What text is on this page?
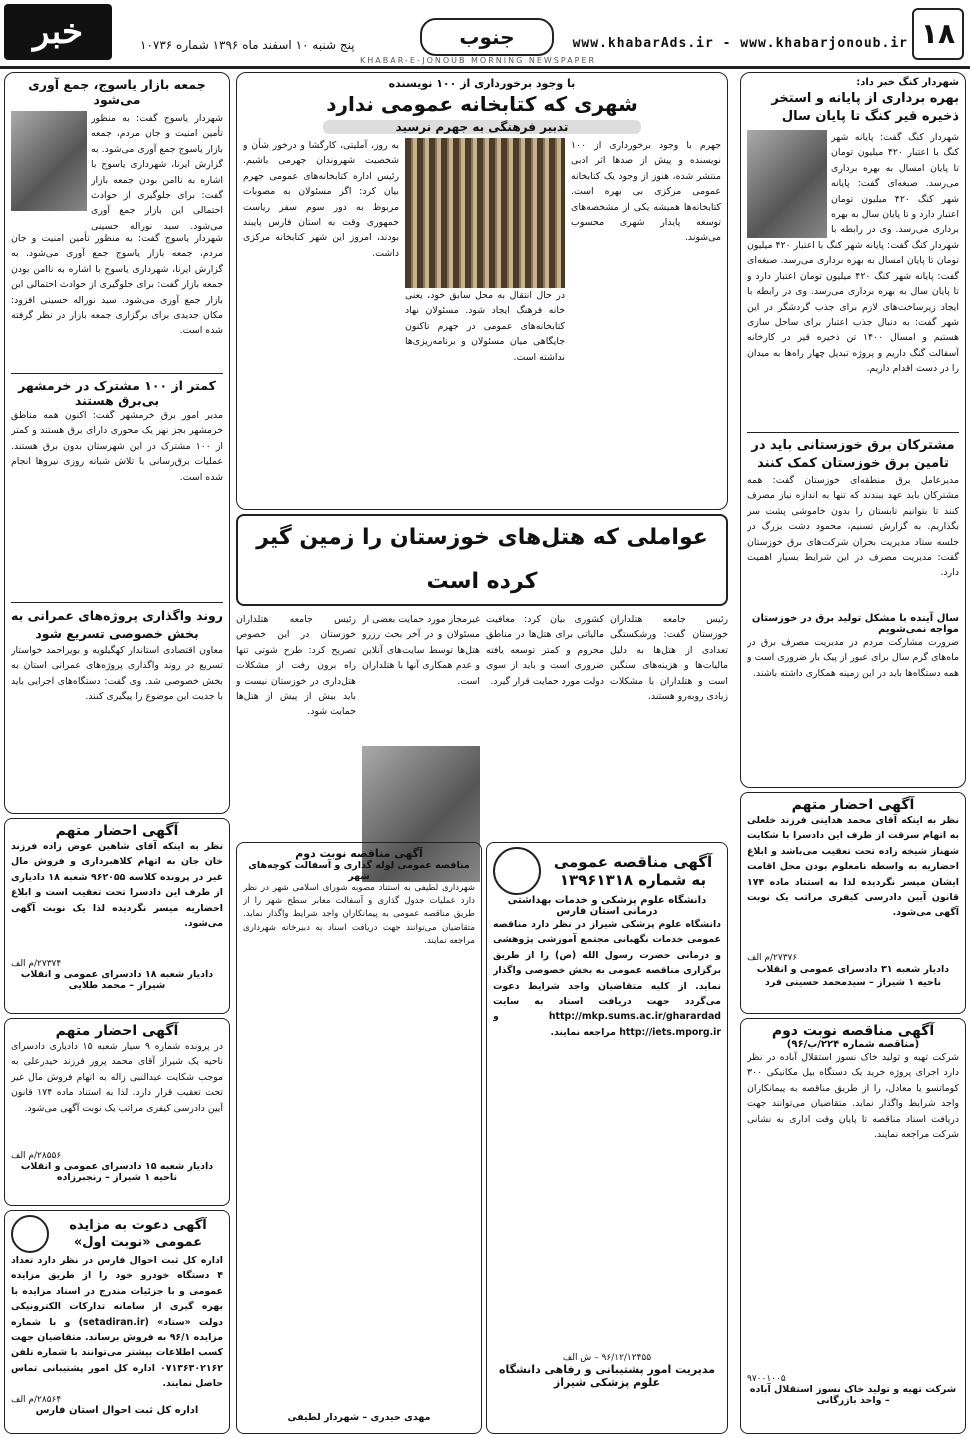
۱۸
www.khabarAds.ir - www.khabarjonoub.ir
جنوب
پنج شنبه ۱۰ اسفند ماه ۱۳۹۶ شماره ۱۰۷۳۶
خبر
KHABAR-E-JONOUB MORNING NEWSPAPER
شهردار کنگ خبر داد:
بهره برداری از پایانه و استخر ذخیره قیر کنگ تا پایان سال
شهردار کنگ گفت: پایانه شهر کنگ با اعتبار ۴۲۰ میلیون تومان تا پایان امسال به بهره برداری می‌رسد. صبغه‌ای گفت: پایانه شهر کنگ ۴۲۰ میلیون تومان اعتبار دارد و تا پایان سال به بهره برداری می‌رسد. وی در رابطه با
شهردار کنگ گفت: پایانه شهر کنگ با اعتبار ۴۲۰ میلیون تومان تا پایان امسال به بهره برداری می‌رسد. صبغه‌ای گفت: پایانه شهر کنگ ۴۲۰ میلیون تومان اعتبار دارد و تا پایان سال به بهره برداری می‌رسد. وی در رابطه با ایجاد زیرساخت‌های لازم برای جذب گردشگر در این شهر گفت: به دنبال جذب اعتبار برای ساحل سازی هستیم و امسال ۱۴۰۰ تن ذخیره قیر در کارخانه آسفالت گنگ داریم و پروژه تبدیل چهار راه‌ها به میدان را در دست اقدام داریم.
مشترکان برق خوزستانی باید در تامین برق خوزستان کمک کنند
مدیرعامل برق منطقه‌ای خوزستان گفت: همه مشترکان باید عهد ببندند که تنها به اندازه نیاز مصرف کنند تا بتوانیم تابستان را بدون خاموشی پشت سر بگذاریم. به گزارش تسنیم، محمود دشت بزرگ در جلسه ستاد مدیریت بحران شرکت‌های برق خوزستان گفت: مدیریت مصرف در این شرایط بسیار اهمیت دارد.
سال آینده با مشکل تولید برق در خوزستان مواجه نمی‌شویم
ضرورت مشارکت مردم در مدیریت مصرف برق در ماه‌های گرم سال برای عبور از پیک بار ضروری است و همه دستگاه‌ها باید در این زمینه همکاری داشته باشند.
جمعه بازار یاسوج، جمع آوری می‌شود
شهردار یاسوج گفت: به منظور تأمین امنیت و جان مردم، جمعه بازار یاسوج جمع آوری می‌شود. به گزارش ایرنا، شهرداری یاسوج با اشاره به ناامن بودن جمعه بازار گفت: برای جلوگیری از حوادث احتمالی این بازار جمع آوری می‌شود. سید نوراله حسینی
شهردار یاسوج گفت: به منظور تأمین امنیت و جان مردم، جمعه بازار یاسوج جمع آوری می‌شود. به گزارش ایرنا، شهرداری یاسوج با اشاره به ناامن بودن جمعه بازار گفت: برای جلوگیری از حوادث احتمالی این بازار جمع آوری می‌شود. سید نوراله حسینی افزود: مکان جدیدی برای برگزاری جمعه بازار در نظر گرفته شده است.
کمتر از ۱۰۰ مشترک در خرمشهر بی‌برق هستند
مدیر امور برق خرمشهر گفت: اکنون همه مناطق خرمشهر بجز نهر یک محوری دارای برق هستند و کمتر از ۱۰۰ مشترک در این شهرستان بدون برق هستند. عملیات برق‌رسانی با تلاش شبانه روزی نیروها انجام شده است.
روند واگذاری پروژه‌های عمرانی به بخش خصوصی تسریع شود
معاون اقتصادی استاندار کهگیلویه و بویراحمد خواستار تسریع در روند واگذاری پروژه‌های عمرانی استان به بخش خصوصی شد. وی گفت: دستگاه‌های اجرایی باید با جدیت این موضوع را پیگیری کنند.
با وجود برخورداری از ۱۰۰ نویسنده
شهری که کتابخانه عمومی ندارد
تدبیر فرهنگی به جهرم نرسید
جهرم با وجود برخورداری از ۱۰۰ نویسنده و پیش از صدها اثر ادبی منتشر شده، هنوز از وجود یک کتابخانه عمومی مرکزی بی بهره است. کتابخانه‌ها همیشه یکی از مشخصه‌های توسعه پایدار شهری محسوب می‌شوند.
در حال انتقال به محل سابق خود، یعنی خانه فرهنگ ایجاد شود. مسئولان نهاد کتابخانه‌های عمومی در جهرم تاکنون جایگاهی میان مسئولان و برنامه‌ریزی‌ها نداشته است.
به روز، آملیتی، کارگشا و درخور شأن و شخصیت شهروندان جهرمی باشیم. رئیس اداره کتابخانه‌های عمومی جهرم بیان کرد: اگر مسئولان به مصوبات مربوط به دور سوم سفر ریاست جمهوری وقت به استان فارس پایبند بودند، امروز این شهر کتابخانه مرکزی داشت.
عواملی که هتل‌های خوزستان را زمین گیر کرده است
رئیس جامعه هتلداران خوزستان گفت: ورشکستگی تعدادی از هتل‌ها به دلیل مالیات‌ها و هزینه‌های سنگین است و هتلداران با مشکلات زیادی روبه‌رو هستند.
کشوری بیان کرد: معافیت مالیاتی برای هتل‌ها در مناطق محروم و کمتر توسعه یافته ضروری است و باید از سوی دولت مورد حمایت قرار گیرد.
غیرمجاز مورد حمایت بعضی از مسئولان و در آخر بحث رزرو هتل‌ها توسط سایت‌های آنلاین و عدم همکاری آنها با هتلداران است.
رئیس جامعه هتلداران خوزستان در این خصوص تصریح کرد: طرح شوتی تنها راه برون رفت از مشکلات هتل‌داری در خوزستان نیست و باید بیش از پیش از هتل‌ها حمایت شود.
آگهی احضار متهم
نظر به اینکه آقای محمد هدایتی فرزند خلعلی به اتهام سرقت از طرف این دادسرا با شکایت شهناز شیخه زاده تحت تعقیب می‌باشد و ابلاغ احضاریه به واسطه نامعلوم بودن محل اقامت ایشان میسر نگردیده لذا به استناد ماده ۱۷۴ قانون آیین دادرسی کیفری مراتب یک نوبت آگهی می‌شود.
۲۷۳۷۶/م الف
دادیار شعبه ۳۱ دادسرای عمومی و انقلاب ناحیه ۱ شیراز – سیدمحمد حسینی فرد
آگهی مناقصه نوبت دوم
(مناقصه شماره ۲۲۴/ب/۹۶)
شرکت تهیه و تولید خاک نسوز استقلال آباده در نظر دارد اجرای پروژه خرید یک دستگاه بیل مکانیکی ۳۰۰ کوماتسو یا معادل، را از طریق مناقصه به پیمانکاران واجد شرایط واگذار نماید. متقاضیان می‌توانند جهت دریافت اسناد مناقصه تا پایان وقت اداری به نشانی شرکت مراجعه نمایند.
۹۷۰۰۱۰۰۵
شرکت تهیه و تولید خاک نسوز استقلال آباده – واحد بازرگانی
آگهی احضار متهم
نظر به اینکه آقای شاهین عوض زاده فرزند خان جان به اتهام کلاهبرداری و فروش مال غیر در پرونده کلاسه ۹۶۲۰۵۵ شعبه ۱۸ دادیاری از طرف این دادسرا تحت تعقیب است و ابلاغ احضاریه میسر نگردیده لذا یک نوبت آگهی می‌شود.
۲۷۳۷۴/م الف
دادیار شعبه ۱۸ دادسرای عمومی و انقلاب شیراز – محمد طلایی
آگهی احضار متهم
در پرونده شماره ۹ سیار شعبه ۱۵ دادیاری دادسرای ناحیه یک شیراز آقای محمد پرور فرزند حیدرعلی به موجب شکایت عبدالنبی زاله به اتهام فروش مال غیر تحت تعقیب قرار دارد. لذا به استناد ماده ۱۷۴ قانون آیین دادرسی کیفری مراتب یک نوبت آگهی می‌شود.
۲۸۵۵۶/م الف
دادیار شعبه ۱۵ دادسرای عمومی و انقلاب ناحیه ۱ شیراز – رنجبرزاده
آگهی دعوت به مزایده عمومی «نوبت اول»
اداره کل ثبت احوال فارس در نظر دارد تعداد ۴ دستگاه خودرو خود را از طریق مزایده عمومی و با جزئیات مندرج در اسناد مزایده با بهره گیری از سامانه تدارکات الکترونیکی دولت «ستاد» (setadiran.ir) و با شماره مزایده ۹۶/۱ به فروش برساند. متقاضیان جهت کسب اطلاعات بیشتر می‌توانند با شماره تلفن ۰۷۱۳۶۳۰۲۱۶۲ اداره کل امور پشتیبانی تماس حاصل نمایند.
۲۸۵۶۴/م الف
اداره کل ثبت احوال استان فارس
آگهی مناقصه عمومی
به شماره ۱۳۹۶۱۳۱۸
دانشگاه علوم پزشکی و خدمات بهداشتی درمانی استان فارس
دانشگاه علوم پزشکی شیراز در نظر دارد مناقصه عمومی خدمات نگهبانی مجتمع آموزشی پژوهشی و درمانی حضرت رسول الله (ص) را از طریق برگزاری مناقصه عمومی به بخش خصوصی واگذار نماید. از کلیه متقاضیان واجد شرایط دعوت می‌گردد جهت دریافت اسناد به سایت http://mkp.sums.ac.ir/gharardad و http://iets.mporg.ir مراجعه نمایند.
۹۶/۱۲/۱۲۴۵۵ – ش الف
مدیریت امور پشتیبانی و رفاهی دانشگاه علوم پزشکی شیراز
آگهی مناقصه نوبت دوم
مناقصه عمومی لوله گذاری و آسفالت کوچه‌های شهر
شهرداری لطیفی به استناد مصوبه شورای اسلامی شهر در نظر دارد عملیات جدول گذاری و آسفالت معابر سطح شهر را از طریق مناقصه عمومی به پیمانکاران واجد شرایط واگذار نماید. متقاضیان می‌توانند جهت دریافت اسناد به دبیرخانه شهرداری مراجعه نمایند.
مهدی حیدری – شهردار لطیفی
